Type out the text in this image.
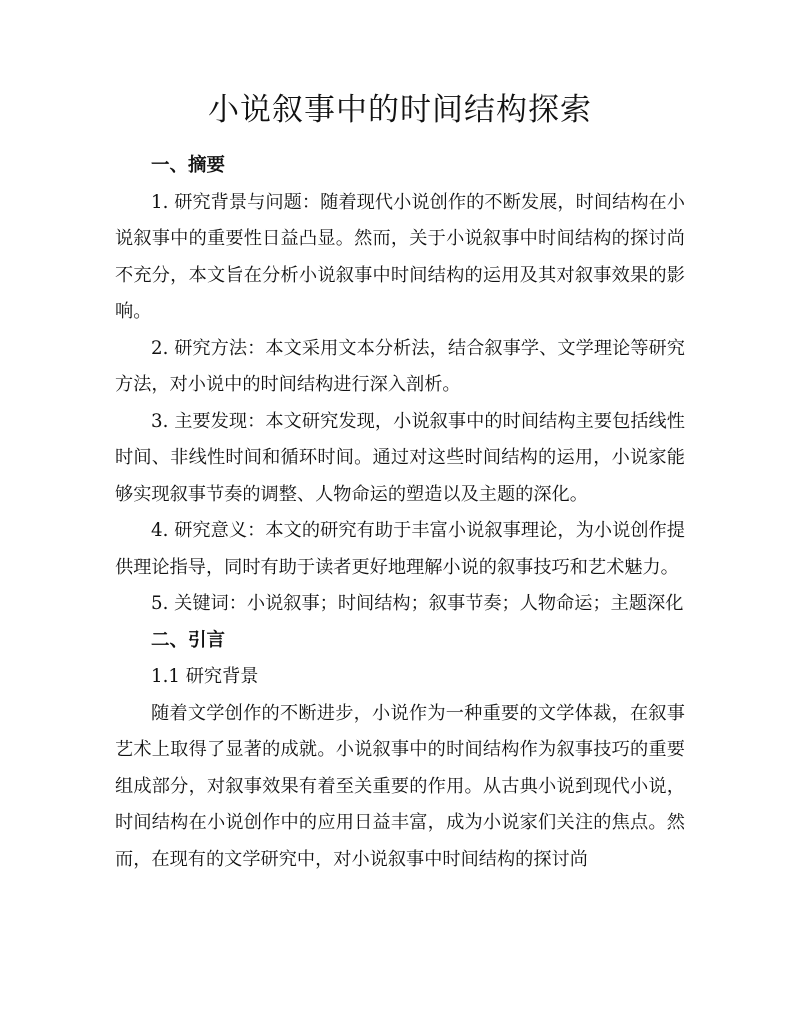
小说叙事中的时间结构探索

一、摘要

1. 研究背景与问题：随着现代小说创作的不断发展，时间结构在小说叙事中的重要性日益凸显。然而，关于小说叙事中时间结构的探讨尚不充分，本文旨在分析小说叙事中时间结构的运用及其对叙事效果的影响。

2. 研究方法：本文采用文本分析法，结合叙事学、文学理论等研究方法，对小说中的时间结构进行深入剖析。

3. 主要发现：本文研究发现，小说叙事中的时间结构主要包括线性时间、非线性时间和循环时间。通过对这些时间结构的运用，小说家能够实现叙事节奏的调整、人物命运的塑造以及主题的深化。

4. 研究意义：本文的研究有助于丰富小说叙事理论，为小说创作提供理论指导，同时有助于读者更好地理解小说的叙事技巧和艺术魅力。

5. 关键词：小说叙事；时间结构；叙事节奏；人物命运；主题深化

二、引言

1.1 研究背景

随着文学创作的不断进步，小说作为一种重要的文学体裁，在叙事艺术上取得了显著的成就。小说叙事中的时间结构作为叙事技巧的重要组成部分，对叙事效果有着至关重要的作用。从古典小说到现代小说，时间结构在小说创作中的应用日益丰富，成为小说家们关注的焦点。然而，在现有的文学研究中，对小说叙事中时间结构的探讨尚
